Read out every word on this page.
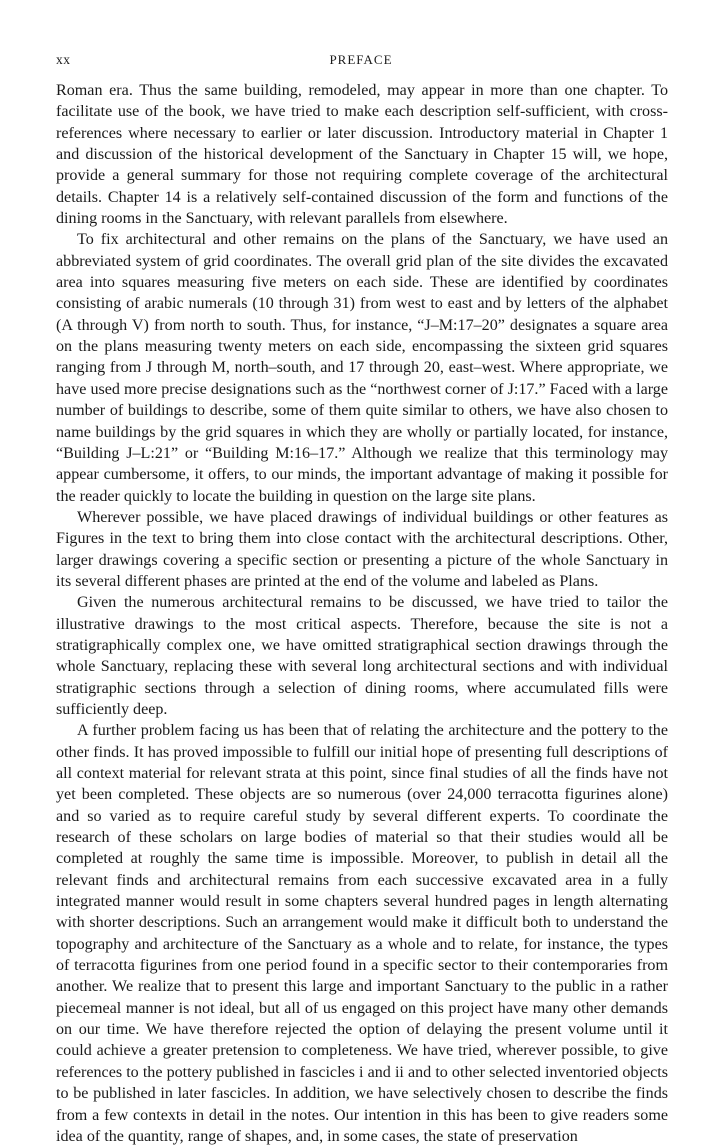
xx	PREFACE

Roman era. Thus the same building, remodeled, may appear in more than one chapter. To facilitate use of the book, we have tried to make each description self-sufficient, with cross-references where necessary to earlier or later discussion. Introductory material in Chapter 1 and discussion of the historical development of the Sanctuary in Chapter 15 will, we hope, provide a general summary for those not requiring complete coverage of the architectural details. Chapter 14 is a relatively self-contained discussion of the form and functions of the dining rooms in the Sanctuary, with relevant parallels from elsewhere.

To fix architectural and other remains on the plans of the Sanctuary, we have used an abbreviated system of grid coordinates. The overall grid plan of the site divides the excavated area into squares measuring five meters on each side. These are identified by coordinates consisting of arabic numerals (10 through 31) from west to east and by letters of the alphabet (A through V) from north to south. Thus, for instance, “J–M:17–20” designates a square area on the plans measuring twenty meters on each side, encompassing the sixteen grid squares ranging from J through M, north–south, and 17 through 20, east–west. Where appropriate, we have used more precise designations such as the “northwest corner of J:17.” Faced with a large number of buildings to describe, some of them quite similar to others, we have also chosen to name buildings by the grid squares in which they are wholly or partially located, for instance, “Building J–L:21” or “Building M:16–17.” Although we realize that this terminology may appear cumbersome, it offers, to our minds, the important advantage of making it possible for the reader quickly to locate the building in question on the large site plans.

Wherever possible, we have placed drawings of individual buildings or other features as Figures in the text to bring them into close contact with the architectural descriptions. Other, larger drawings covering a specific section or presenting a picture of the whole Sanctuary in its several different phases are printed at the end of the volume and labeled as Plans.

Given the numerous architectural remains to be discussed, we have tried to tailor the illustrative drawings to the most critical aspects. Therefore, because the site is not a stratigraphically complex one, we have omitted stratigraphical section drawings through the whole Sanctuary, replacing these with several long architectural sections and with individual stratigraphic sections through a selection of dining rooms, where accumulated fills were sufficiently deep.

A further problem facing us has been that of relating the architecture and the pottery to the other finds. It has proved impossible to fulfill our initial hope of presenting full descriptions of all context material for relevant strata at this point, since final studies of all the finds have not yet been completed. These objects are so numerous (over 24,000 terracotta figurines alone) and so varied as to require careful study by several different experts. To coordinate the research of these scholars on large bodies of material so that their studies would all be completed at roughly the same time is impossible. Moreover, to publish in detail all the relevant finds and architectural remains from each successive excavated area in a fully integrated manner would result in some chapters several hundred pages in length alternating with shorter descriptions. Such an arrangement would make it difficult both to understand the topography and architecture of the Sanctuary as a whole and to relate, for instance, the types of terracotta figurines from one period found in a specific sector to their contemporaries from another. We realize that to present this large and important Sanctuary to the public in a rather piecemeal manner is not ideal, but all of us engaged on this project have many other demands on our time. We have therefore rejected the option of delaying the present volume until it could achieve a greater pretension to completeness. We have tried, wherever possible, to give references to the pottery published in fascicles i and ii and to other selected inventoried objects to be published in later fascicles. In addition, we have selectively chosen to describe the finds from a few contexts in detail in the notes. Our intention in this has been to give readers some idea of the quantity, range of shapes, and, in some cases, the state of preservation
